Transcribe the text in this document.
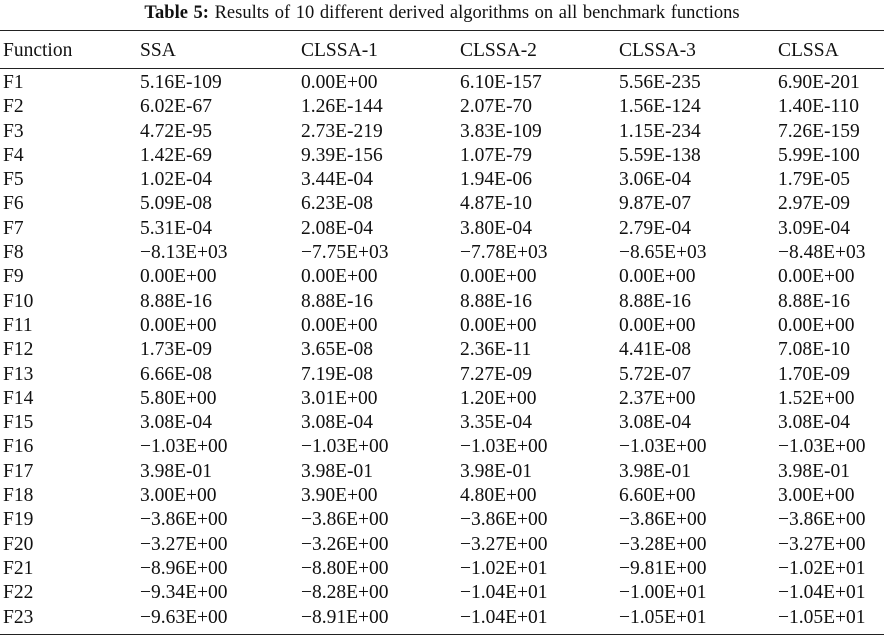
Table 5: Results of 10 different derived algorithms on all benchmark functions
Function	SSA	CLSSA-1	CLSSA-2	CLSSA-3	CLSSA

F1	5.16E-109	0.00E+00	6.10E-157	5.56E-235	6.90E-201
F2	6.02E-67	1.26E-144	2.07E-70	1.56E-124	1.40E-110
F3	4.72E-95	2.73E-219	3.83E-109	1.15E-234	7.26E-159
F4	1.42E-69	9.39E-156	1.07E-79	5.59E-138	5.99E-100
F5	1.02E-04	3.44E-04	1.94E-06	3.06E-04	1.79E-05
F6	5.09E-08	6.23E-08	4.87E-10	9.87E-07	2.97E-09
F7	5.31E-04	2.08E-04	3.80E-04	2.79E-04	3.09E-04
F8	−8.13E+03	−7.75E+03	−7.78E+03	−8.65E+03	−8.48E+03
F9	0.00E+00	0.00E+00	0.00E+00	0.00E+00	0.00E+00
F10	8.88E-16	8.88E-16	8.88E-16	8.88E-16	8.88E-16
F11	0.00E+00	0.00E+00	0.00E+00	0.00E+00	0.00E+00
F12	1.73E-09	3.65E-08	2.36E-11	4.41E-08	7.08E-10
F13	6.66E-08	7.19E-08	7.27E-09	5.72E-07	1.70E-09
F14	5.80E+00	3.01E+00	1.20E+00	2.37E+00	1.52E+00
F15	3.08E-04	3.08E-04	3.35E-04	3.08E-04	3.08E-04
F16	−1.03E+00	−1.03E+00	−1.03E+00	−1.03E+00	−1.03E+00
F17	3.98E-01	3.98E-01	3.98E-01	3.98E-01	3.98E-01
F18	3.00E+00	3.90E+00	4.80E+00	6.60E+00	3.00E+00
F19	−3.86E+00	−3.86E+00	−3.86E+00	−3.86E+00	−3.86E+00
F20	−3.27E+00	−3.26E+00	−3.27E+00	−3.28E+00	−3.27E+00
F21	−8.96E+00	−8.80E+00	−1.02E+01	−9.81E+00	−1.02E+01
F22	−9.34E+00	−8.28E+00	−1.04E+01	−1.00E+01	−1.04E+01
F23	−9.63E+00	−8.91E+00	−1.04E+01	−1.05E+01	−1.05E+01
